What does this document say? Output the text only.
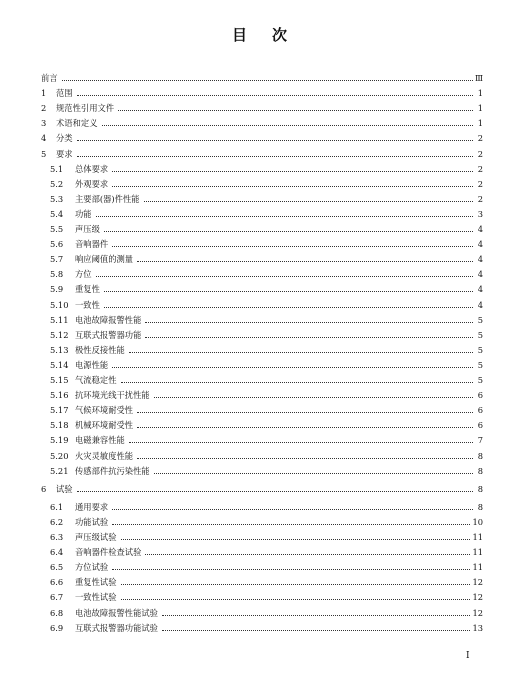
目 次
前言	Ⅲ
1	范围	1
2	规范性引用文件	1
3	术语和定义	1
4	分类	2
5	要求	2
5.1	总体要求	2
5.2	外观要求	2
5.3	主要部(器)件性能	2
5.4	功能	3
5.5	声压级	4
5.6	音响器件	4
5.7	响应阈值的测量	4
5.8	方位	4
5.9	重复性	4
5.10 一致性	4
5.11 电池故障报警性能	5
5.12 互联式报警器功能	5
5.13 极性反接性能	5
5.14 电源性能	5
5.15 气流稳定性	5
5.16 抗环境光线干扰性能	6
5.17 气候环境耐受性	6
5.18 机械环境耐受性	6
5.19 电磁兼容性能	7
5.20 火灾灵敏度性能	8
5.21 传感部件抗污染性能	8
6	试验	8
6.1	通用要求	8
6.2	功能试验	10
6.3	声压级试验	11
6.4	音响器件检查试验	11
6.5	方位试验	11
6.6	重复性试验	12
6.7	一致性试验	12
6.8	电池故障报警性能试验	12
6.9	互联式报警器功能试验	13
I
